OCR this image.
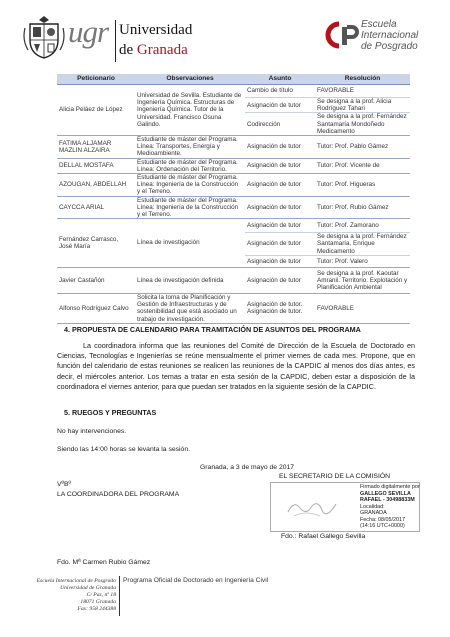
ugr Universidad
de Granada
Escuela
Internacional
de Posgrado
Peticionario	Observaciones	Asunto	Resolución
Alicia Peláez de López	Universidad de Sevilla. Estudiante de Ingeniería Química. Estructuras de Ingeniería Química. Tutor de la Universidad. Francisco Osuna Galindo.	Cambio de título	FAVORABLE
		Asignación de tutor	Se designa a la prof. Alicia Rodríguez Tahari
		Codirección	Se designa a la prof. Fernández Santamaría Mondoñedo Medicamento
FATIMA ALJAMAR MAZLIN ALZAIRA	Estudiante de máster del Programa. Línea: Transportes, Energía y Medioambiente.	Asignación de tutor	Tutor: Prof. Pablo Gámez
DELLAL MOSTAFA	Estudiante de máster del Programa. Línea: Ordenación del Territorio.	Asignación de tutor	Tutor: Prof. Vicente de
AZOUGAN, ABDELLAH	Estudiante de máster del Programa. Línea: Ingeniería de la Construcción y el Terreno.	Asignación de tutor	Tutor: Prof. Higueras
CAYCCA ARIAL	Estudiante de máster del Programa. Línea: Ingeniería de la Construcción y el Terreno.	Asignación de tutor	Tutor: Prof. Rubio Gámez
Fernández Carrasco, José María	Línea de investigación	Asignación de tutor	Tutor: Prof. Zamorano
		Asignación de tutor	Se designa a la prof. Fernández Santamaría, Enrique Medicamento
		Asignación de tutor	Tutor: Prof. Valero
Javier Castañón	Línea de investigación definida	Asignación de tutor	Se designa a la prof. Kaoutar Amranii. Territorio. Explotación y Planificación Ambiental
Alfonso Rodríguez Calvo	Solicita la toma de Planificación y Gestión de Infraestructuras y de sostenibilidad que está asociado un trabajo de investigación.	Asignación de tutor. Asignación de tutor.	FAVORABLE
4. PROPUESTA DE CALENDARIO PARA TRAMITACIÓN DE ASUNTOS DEL PROGRAMA
La coordinadora informa que las reuniones del Comité de Dirección de la Escuela de Doctorado en Ciencias, Tecnologías e Ingenierías se reúne mensualmente el primer viernes de cada mes. Propone, que en función del calendario de estas reuniones se realicen las reuniones de la CAPDIC al menos dos días antes, es decir, el miércoles anterior. Los temas a tratar en esta sesión de la CAPDIC, deben estar a disposición de la coordinadora el viernes anterior, para que puedan ser tratados en la siguiente sesión de la CAPDIC.
5. RUEGOS Y PREGUNTAS
No hay intervenciones.
Siendo las 14:00 horas se levanta la sesión.
Granada, a 3 de mayo de 2017
EL SECRETARIO DE LA COMISIÓN
VºBº
LA COORDINADORA DEL PROGRAMA
Firmado digitalmente por
GALLEGO SEVILLA
RAFAEL - 30498833M
Localidad:
GRANADA
Fecha: 08/05/2017
(14:16 UTC+0000)
Fdo.: Rafael Gallego Sevilla
Fdo. Mª Carmen Rubio Gámez
Escuela Internacional de Posgrado
Universidad de Granada
C/ Paz, nº 18
18071 Granada
Fax: 958 244388
Programa Oficial de Doctorado en Ingeniería Civil
